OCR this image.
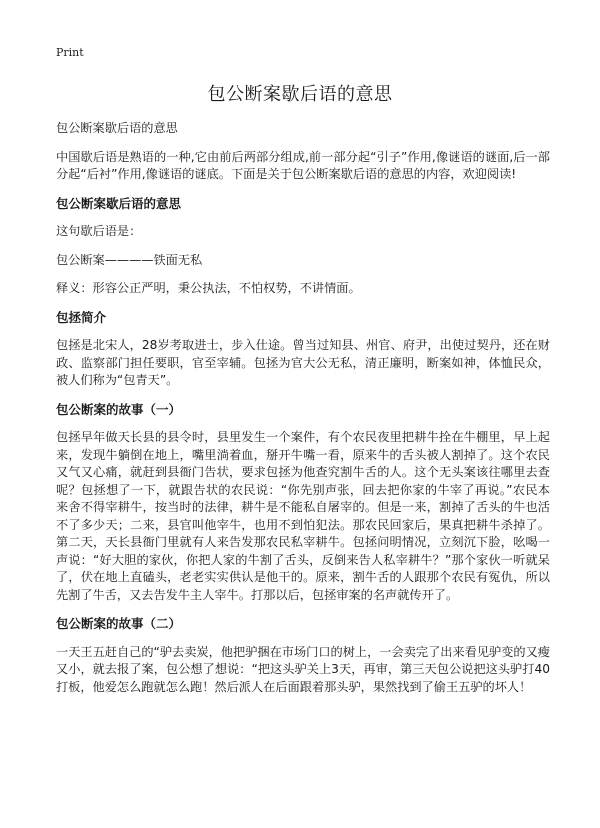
Print
包公断案歇后语的意思

包公断案歇后语的意思

中国歇后语是熟语的一种,它由前后两部分组成,前一部分起“引子”作用,像谜语的谜面,后一部分起“后衬”作用,像谜语的谜底。下面是关于包公断案歇后语的意思的内容，欢迎阅读!

包公断案歇后语的意思

这句歇后语是：

包公断案————铁面无私

释义：形容公正严明，秉公执法，不怕权势，不讲情面。

包拯简介

包拯是北宋人，28岁考取进士，步入仕途。曾当过知县、州官、府尹，出使过契丹，还在财政、监察部门担任要职，官至宰辅。包拯为官大公无私，清正廉明，断案如神，体恤民众，被人们称为“包青天”。

包公断案的故事（一）

包拯早年做天长县的县令时，县里发生一个案件，有个农民夜里把耕牛拴在牛棚里，早上起来，发现牛躺倒在地上，嘴里淌着血，掰开牛嘴一看，原来牛的舌头被人割掉了。这个农民又气又心痛，就赶到县衙门告状，要求包拯为他查究割牛舌的人。这个无头案该往哪里去查呢？包拯想了一下，就跟告状的农民说：“你先别声张，回去把你家的牛宰了再说。”农民本来舍不得宰耕牛，按当时的法律，耕牛是不能私自屠宰的。但是一来，割掉了舌头的牛也活不了多少天；二来，县官叫他宰牛，也用不到怕犯法。那农民回家后，果真把耕牛杀掉了。第二天，天长县衙门里就有人来告发那农民私宰耕牛。包拯问明情况，立刻沉下脸，吆喝一声说：“好大胆的家伙，你把人家的牛割了舌头，反倒来告人私宰耕牛？”那个家伙一听就呆了，伏在地上直磕头，老老实实供认是他干的。原来，割牛舌的人跟那个农民有冤仇，所以先割了牛舌，又去告发牛主人宰牛。打那以后，包拯审案的名声就传开了。

包公断案的故事（二）

一天王五赶自己的“驴去卖炭，他把驴捆在市场门口的树上，一会卖完了出来看见驴变的又瘦又小，就去报了案，包公想了想说：“把这头驴关上3天，再审，第三天包公说把这头驴打40打板，他爱怎么跑就怎么跑！然后派人在后面跟着那头驴，果然找到了偷王五驴的坏人！
